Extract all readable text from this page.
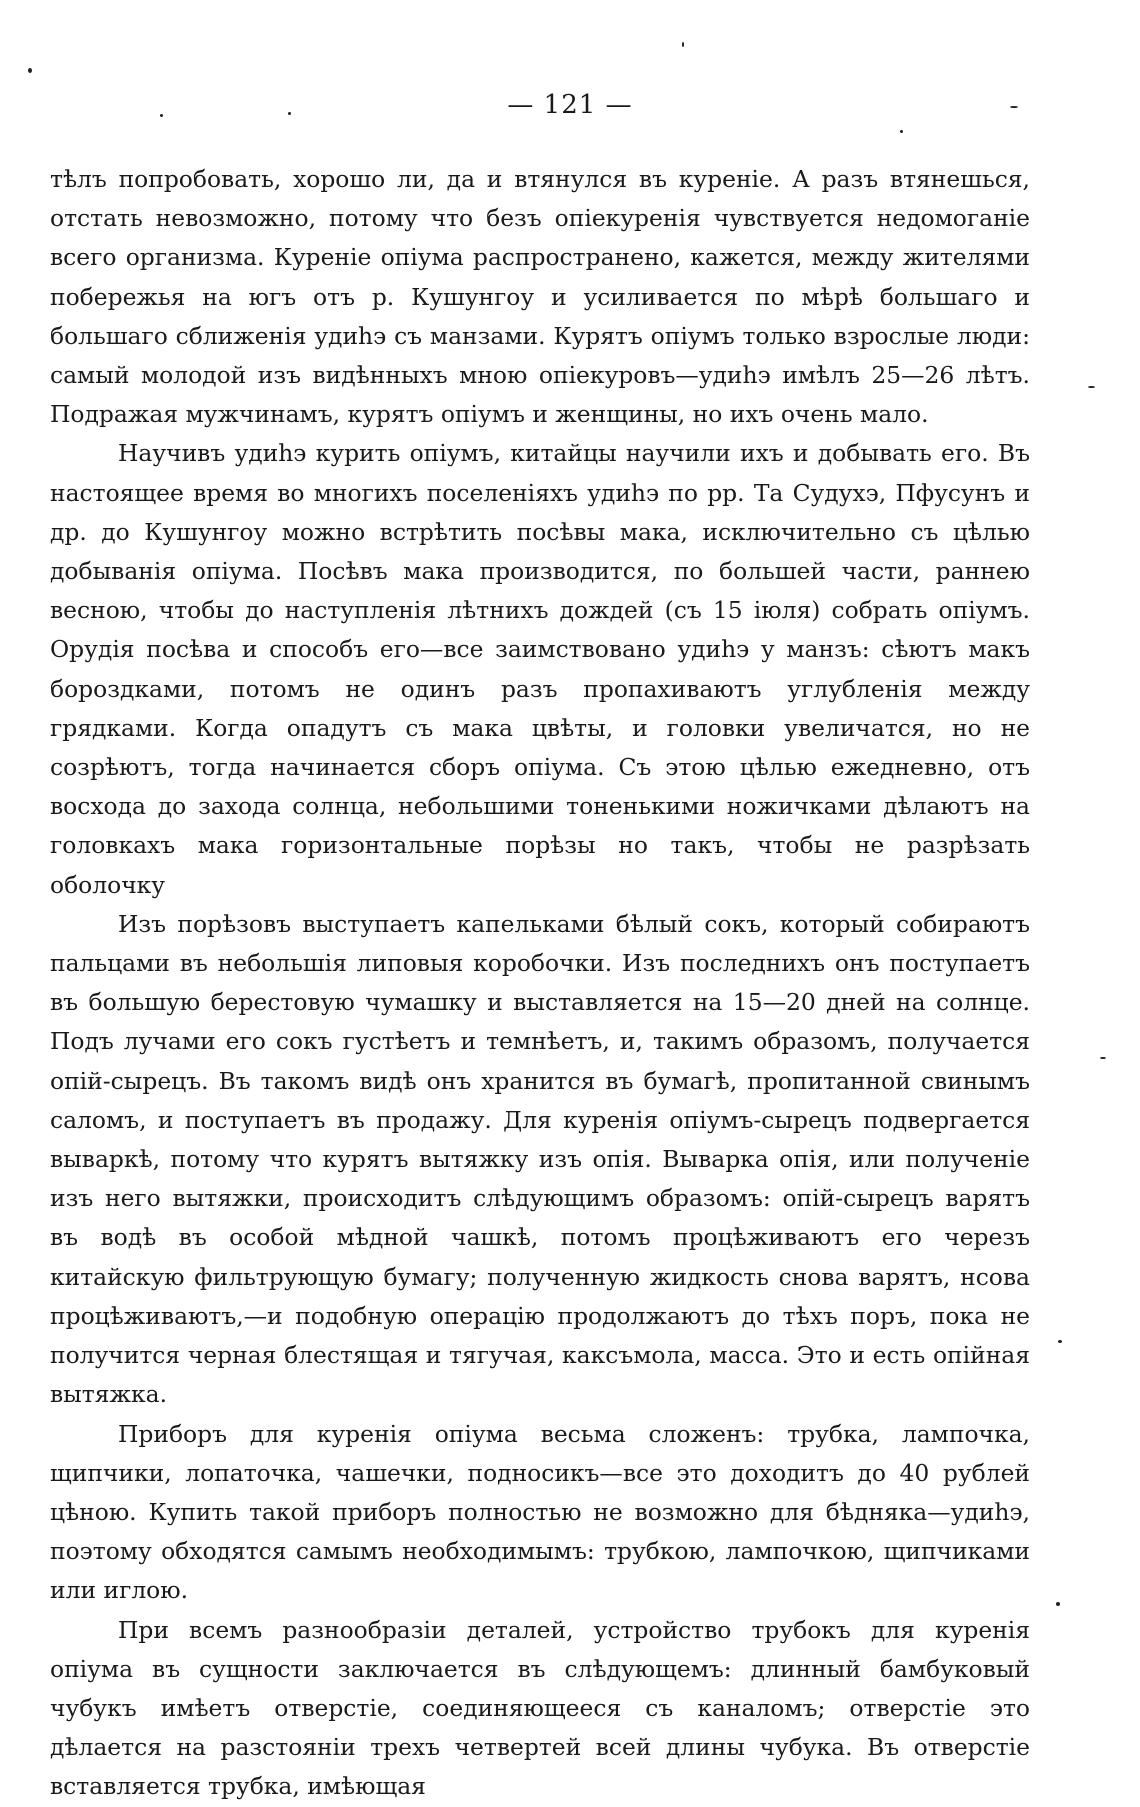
— 121 —

тѣлъ попробовать, хорошо ли, да и втянулся въ куреніе. А разъ втянешься, отстать невозможно, потому что безъ опіекуренія чувствуется недомоганіе всего организма. Куреніе опіума распространено, кажется, между жителями побережья на югъ отъ р. Кушунгоу и усиливается по мѣрѣ большаго и большаго сближенія удиһэ съ манзами. Курятъ опіумъ только взрослые люди: самый молодой изъ видѣнныхъ мною опіекуровъ—удиһэ имѣлъ 25—26 лѣтъ. Подражая мужчинамъ, курятъ опіумъ и женщины, но ихъ очень мало.

Научивъ удиһэ курить опіумъ, китайцы научили ихъ и добывать его. Въ настоящее время во многихъ поселеніяхъ удиһэ по рр. Та Судухэ, Пфусунъ и др. до Кушунгоу можно встрѣтить посѣвы мака, исключительно съ цѣлью добыванія опіума. Посѣвъ мака производится, по большей части, раннею весною, чтобы до наступленія лѣтнихъ дождей (съ 15 іюля) собрать опіумъ. Орудія посѣва и способъ его—все заимствовано удиһэ у манзъ: сѣютъ макъ бороздками, потомъ не одинъ разъ пропахиваютъ углубленія между грядками. Когда опадутъ съ мака цвѣты, и головки увеличатся, но не созрѣютъ, тогда начинается сборъ опіума. Съ этою цѣлью ежедневно, отъ восхода до захода солнца, небольшими тоненькими ножичками дѣлаютъ на головкахъ мака горизонтальные порѣзы но такъ, чтобы не разрѣзать оболочку

Изъ порѣзовъ выступаетъ капельками бѣлый сокъ, который собираютъ пальцами въ небольшія липовыя коробочки. Изъ последнихъ онъ поступаетъ въ большую берестовую чумашку и выставляется на 15—20 дней на солнце. Подъ лучами его сокъ густѣетъ и темнѣетъ, и, такимъ образомъ, получается опій-сырецъ. Въ такомъ видѣ онъ хранится въ бумагѣ, пропитанной свинымъ саломъ, и поступаетъ въ продажу. Для куренія опіумъ-сырецъ подвергается вываркѣ, потому что курятъ вытяжку изъ опія. Выварка опія, или полученіе изъ него вытяжки, происходитъ слѣдующимъ образомъ: опій-сырецъ варятъ въ водѣ въ особой мѣдной чашкѣ, потомъ процѣживаютъ его черезъ китайскую фильтрующую бумагу; полученную жидкость снова варятъ, нсова процѣживаютъ,—и подобную операцію продолжаютъ до тѣхъ поръ, пока не получится черная блестящая и тягучая, каксъмола, масса. Это и есть опійная вытяжка.

Приборъ для куренія опіума весьма сложенъ: трубка, лампочка, щипчики, лопаточка, чашечки, подносикъ—все это доходитъ до 40 рублей цѣною. Купить такой приборъ полностью не возможно для бѣдняка—удиһэ, поэтому обходятся самымъ необходимымъ: трубкою, лампочкою, щипчиками или иглою.

При всемъ разнообразіи деталей, устройство трубокъ для куренія опіума въ сущности заключается въ слѣдующемъ: длинный бамбуковый чубукъ имѣетъ отверстіе, соединяющееся съ каналомъ; отверстіе это дѣлается на разстояніи трехъ четвертей всей длины чубука. Въ отверстіе вставляется трубка, имѣющая
